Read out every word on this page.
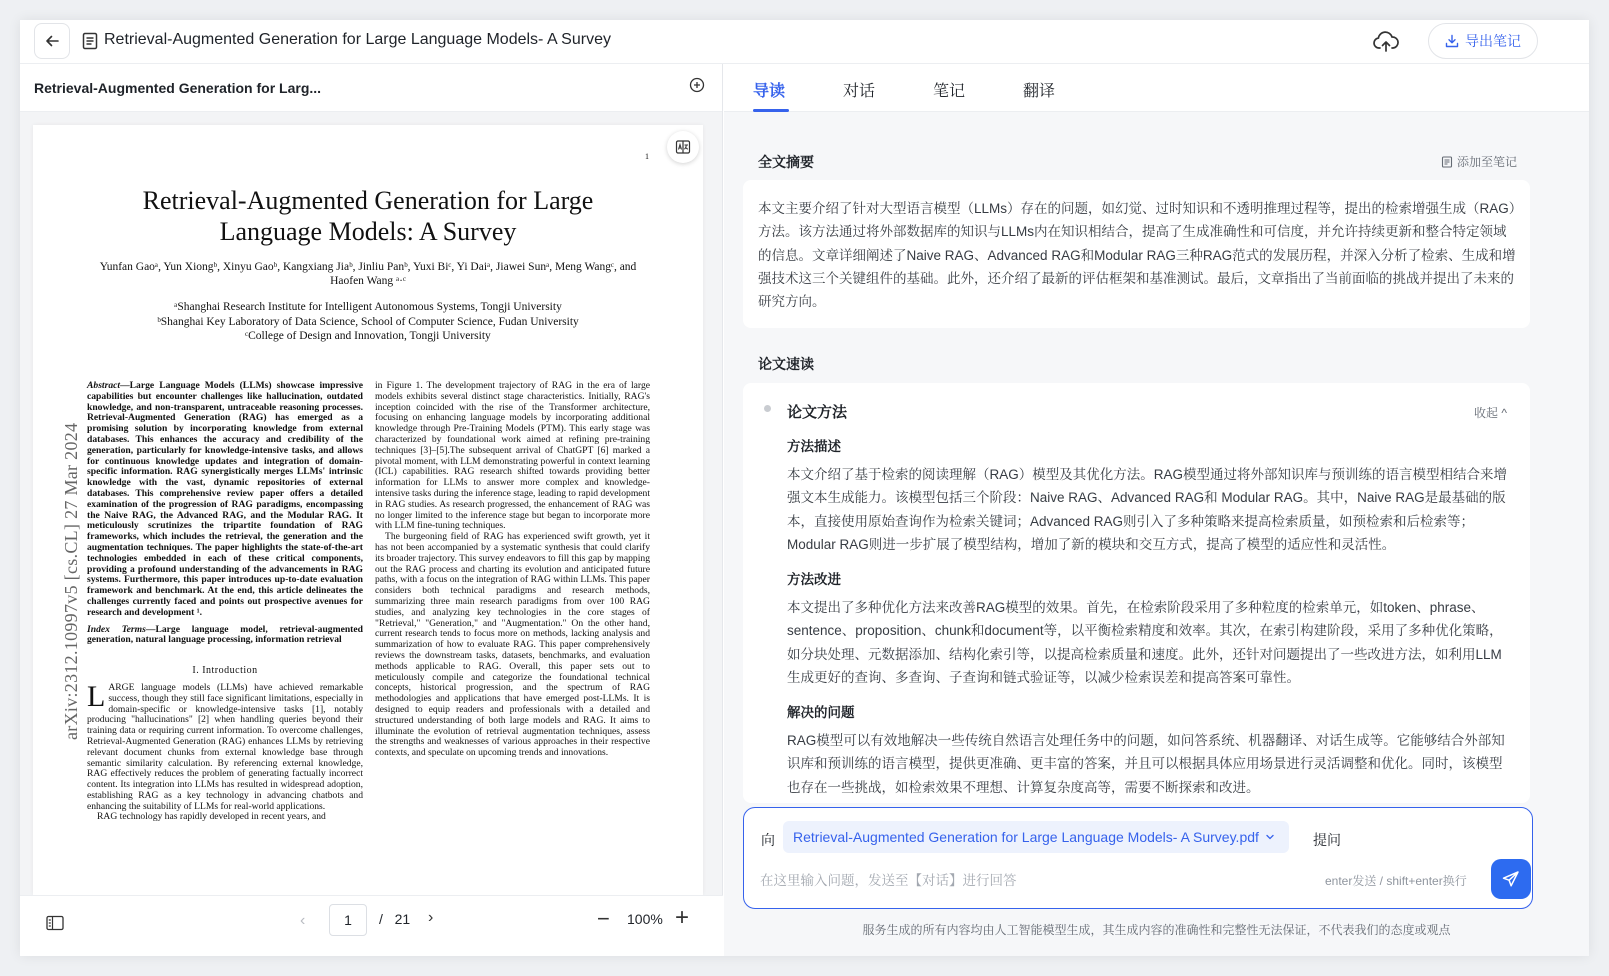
Retrieval-Augmented Generation for Large Language Models- A Survey	导出笔记
Retrieval-Augmented Generation for Larg...
1
Retrieval-Augmented Generation for Large Language Models: A Survey
Yunfan Gaoᵃ, Yun Xiongᵇ, Xinyu Gaoᵇ, Kangxiang Jiaᵇ, Jinliu Panᵇ, Yuxi Biᶜ, Yi Daiᵃ, Jiawei Sunᵃ, Meng Wangᶜ, and Haofen Wang ᵃ·ᶜ
ᵃShanghai Research Institute for Intelligent Autonomous Systems, Tongji University
ᵇShanghai Key Laboratory of Data Science, School of Computer Science, Fudan University
ᶜCollege of Design and Innovation, Tongji University
arXiv:2312.10997v5 [cs.CL] 27 Mar 2024

Abstract—Large Language Models (LLMs) showcase impressive capabilities but encounter challenges like hallucination, outdated knowledge, and non-transparent, untraceable reasoning processes. Retrieval-Augmented Generation (RAG) has emerged as a promising solution by incorporating knowledge from external databases. This enhances the accuracy and credibility of the generation, particularly for knowledge-intensive tasks, and allows for continuous knowledge updates and integration of domain-specific information. RAG synergistically merges LLMs' intrinsic knowledge with the vast, dynamic repositories of external databases. This comprehensive review paper offers a detailed examination of the progression of RAG paradigms, encompassing the Naive RAG, the Advanced RAG, and the Modular RAG. It meticulously scrutinizes the tripartite foundation of RAG frameworks, which includes the retrieval, the generation and the augmentation techniques. The paper highlights the state-of-the-art technologies embedded in each of these critical components, providing a profound understanding of the advancements in RAG systems. Furthermore, this paper introduces up-to-date evaluation framework and benchmark. At the end, this article delineates the challenges currently faced and points out prospective avenues for research and development ¹.

Index Terms—Large language model, retrieval-augmented generation, natural language processing, information retrieval

I. Introduction

LARGE language models (LLMs) have achieved remarkable success, though they still face significant limitations, especially in domain-specific or knowledge-intensive tasks [1], notably producing "hallucinations" [2] when handling queries beyond their training data or requiring current information. To overcome challenges, Retrieval-Augmented Generation (RAG) enhances LLMs by retrieving relevant document chunks from external knowledge base through semantic similarity calculation. By referencing external knowledge, RAG effectively reduces the problem of generating factually incorrect content. Its integration into LLMs has resulted in widespread adoption, establishing RAG as a key technology in advancing chatbots and enhancing the suitability of LLMs for real-world applications.

RAG technology has rapidly developed in recent years, and

in Figure 1. The development trajectory of RAG in the era of large models exhibits several distinct stage characteristics. Initially, RAG's inception coincided with the rise of the Transformer architecture, focusing on enhancing language models by incorporating additional knowledge through Pre-Training Models (PTM). This early stage was characterized by foundational work aimed at refining pre-training techniques [3]–[5].The subsequent arrival of ChatGPT [6] marked a pivotal moment, with LLM demonstrating powerful in context learning (ICL) capabilities. RAG research shifted towards providing better information for LLMs to answer more complex and knowledge-intensive tasks during the inference stage, leading to rapid development in RAG studies. As research progressed, the enhancement of RAG was no longer limited to the inference stage but began to incorporate more with LLM fine-tuning techniques.

The burgeoning field of RAG has experienced swift growth, yet it has not been accompanied by a systematic synthesis that could clarify its broader trajectory. This survey endeavors to fill this gap by mapping out the RAG process and charting its evolution and anticipated future paths, with a focus on the integration of RAG within LLMs. This paper considers both technical paradigms and research methods, summarizing three main research paradigms from over 100 RAG studies, and analyzing key technologies in the core stages of "Retrieval," "Generation," and "Augmentation." On the other hand, current research tends to focus more on methods, lacking analysis and summarization of how to evaluate RAG. This paper comprehensively reviews the downstream tasks, datasets, benchmarks, and evaluation methods applicable to RAG. Overall, this paper sets out to meticulously compile and categorize the foundational technical concepts, historical progression, and the spectrum of RAG methodologies and applications that have emerged post-LLMs. It is designed to equip readers and professionals with a detailed and structured understanding of both large models and RAG. It aims to illuminate the evolution of retrieval augmentation techniques, assess the strengths and weaknesses of various approaches in their respective contexts, and speculate on upcoming trends and innovations.

‹	1	/ 21 ›	− 100% +
导读	对话	笔记	翻译
全文摘要	添加至笔记
本文主要介绍了针对大型语言模型（LLMs）存在的问题，如幻觉、过时知识和不透明推理过程等，提出的检索增强生成（RAG）方法。该方法通过将外部数据库的知识与LLMs内在知识相结合，提高了生成准确性和可信度，并允许持续更新和整合特定领域的信息。文章详细阐述了Naive RAG、Advanced RAG和Modular RAG三种RAG范式的发展历程，并深入分析了检索、生成和增强技术这三个关键组件的基础。此外，还介绍了最新的评估框架和基准测试。最后，文章指出了当前面临的挑战并提出了未来的研究方向。
论文速读
论文方法	收起 ^
方法描述
本文介绍了基于检索的阅读理解（RAG）模型及其优化方法。RAG模型通过将外部知识库与预训练的语言模型相结合来增强文本生成能力。该模型包括三个阶段：Naive RAG、Advanced RAG和 Modular RAG。其中，Naive RAG是最基础的版本，直接使用原始查询作为检索关键词；Advanced RAG则引入了多种策略来提高检索质量，如预检索和后检索等；Modular RAG则进一步扩展了模型结构，增加了新的模块和交互方式，提高了模型的适应性和灵活性。
方法改进
本文提出了多种优化方法来改善RAG模型的效果。首先，在检索阶段采用了多种粒度的检索单元，如token、phrase、sentence、proposition、chunk和document等，以平衡检索精度和效率。其次，在索引构建阶段，采用了多种优化策略，如分块处理、元数据添加、结构化索引等，以提高检索质量和速度。此外，还针对问题提出了一些改进方法，如利用LLM生成更好的查询、多查询、子查询和链式验证等，以减少检索误差和提高答案可靠性。
解决的问题
RAG模型可以有效地解决一些传统自然语言处理任务中的问题，如问答系统、机器翻译、对话生成等。它能够结合外部知识库和预训练的语言模型，提供更准确、更丰富的答案，并且可以根据具体应用场景进行灵活调整和优化。同时，该模型也存在一些挑战，如检索效果不理想、计算复杂度高等，需要不断探索和改进。
向 Retrieval-Augmented Generation for Large Language Models- A Survey.pdf	提问
在这里输入问题，发送至【对话】进行回答
enter发送 / shift+enter换行
服务生成的所有内容均由人工智能模型生成，其生成内容的准确性和完整性无法保证，不代表我们的态度或观点
